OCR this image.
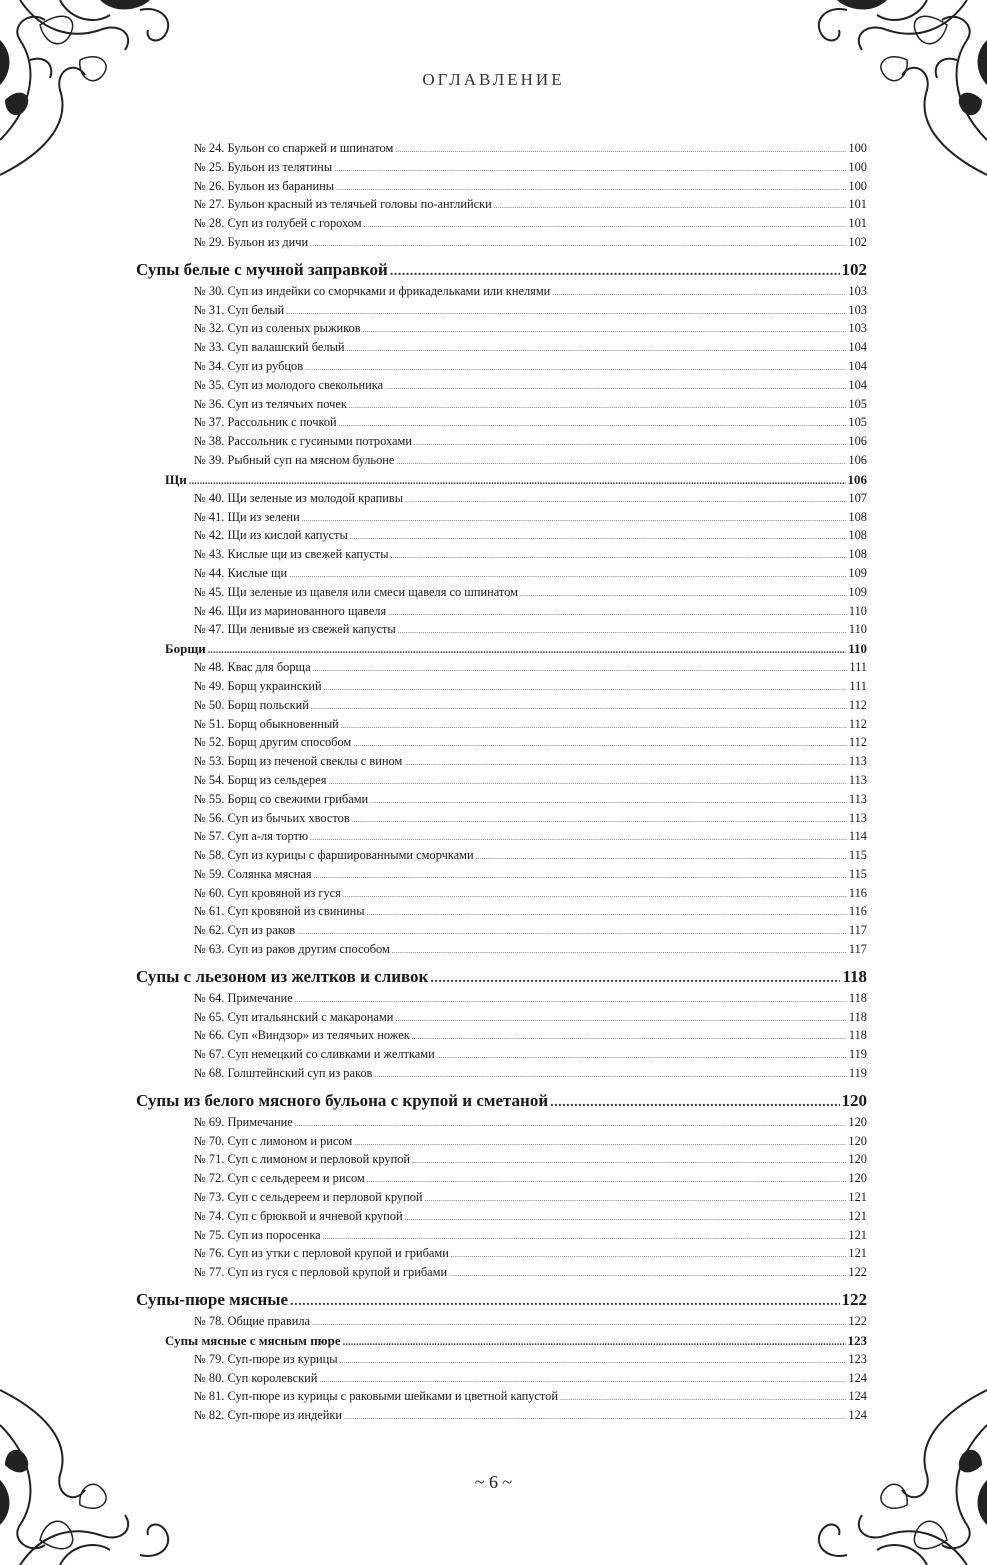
ОГЛАВЛЕНИЕ
№ 24. Бульон со спаржей и шпинатом .....	100
№ 25. Бульон из телятины .....	100
№ 26. Бульон из баранины .....	100
№ 27. Бульон красный из телячьей головы по-английски .....	101
№ 28. Суп из голубей с горохом .....	101
№ 29. Бульон из дичи .....	102
Супы белые с мучной заправкой .....	102
№ 30. Суп из индейки со сморчками и фрикадельками или кнелями .....	103
№ 31. Суп белый .....	103
№ 32. Суп из соленых рыжиков .....	103
№ 33. Суп валашский белый .....	104
№ 34. Суп из рубцов .....	104
№ 35. Суп из молодого свекольника .....	104
№ 36. Суп из телячьих почек .....	105
№ 37. Рассольник с почкой .....	105
№ 38. Рассольник с гусиными потрохами .....	106
№ 39. Рыбный суп на мясном бульоне .....	106
Щи .....	106
№ 40. Щи зеленые из молодой крапивы .....	107
№ 41. Щи из зелени .....	108
№ 42. Щи из кислой капусты .....	108
№ 43. Кислые щи из свежей капусты .....	108
№ 44. Кислые щи .....	109
№ 45. Щи зеленые из щавеля или смеси щавеля со шпинатом .....	109
№ 46. Щи из маринованного щавеля .....	110
№ 47. Щи ленивые из свежей капусты .....	110
Борщи .....	110
№ 48. Квас для борща .....	111
№ 49. Борщ украинский .....	111
№ 50. Борщ польский .....	112
№ 51. Борщ обыкновенный .....	112
№ 52. Борщ другим способом .....	112
№ 53. Борщ из печеной свеклы с вином .....	113
№ 54. Борщ из сельдерея .....	113
№ 55. Борщ со свежими грибами .....	113
№ 56. Суп из бычьих хвостов .....	113
№ 57. Суп а-ля тортю .....	114
№ 58. Суп из курицы с фаршированными сморчками .....	115
№ 59. Солянка мясная .....	115
№ 60. Суп кровяной из гуся .....	116
№ 61. Суп кровяной из свинины .....	116
№ 62. Суп из раков .....	117
№ 63. Суп из раков другим способом .....	117
Супы с льезоном из желтков и сливок .....	118
№ 64. Примечание .....	118
№ 65. Суп итальянский с макаронами .....	118
№ 66. Суп «Виндзор» из телячьих ножек .....	118
№ 67. Суп немецкий со сливками и желтками .....	119
№ 68. Голштейнский суп из раков .....	119
Супы из белого мясного бульона с крупой и сметаной .....	120
№ 69. Примечание .....	120
№ 70. Суп с лимоном и рисом .....	120
№ 71. Суп с лимоном и перловой крупой .....	120
№ 72. Суп с сельдереем и рисом .....	120
№ 73. Суп с сельдереем и перловой крупой .....	121
№ 74. Суп с брюквой и ячневой крупой .....	121
№ 75. Суп из поросенка .....	121
№ 76. Суп из утки с перловой крупой и грибами .....	121
№ 77. Суп из гуся с перловой крупой и грибами .....	122
Супы-пюре мясные .....	122
№ 78. Общие правила .....	122
Супы мясные с мясным пюре .....	123
№ 79. Суп-пюре из курицы .....	123
№ 80. Суп королевский .....	124
№ 81. Суп-пюре из курицы с раковыми шейками и цветной капустой .....	124
№ 82. Суп-пюре из индейки .....	124
~ 6 ~
